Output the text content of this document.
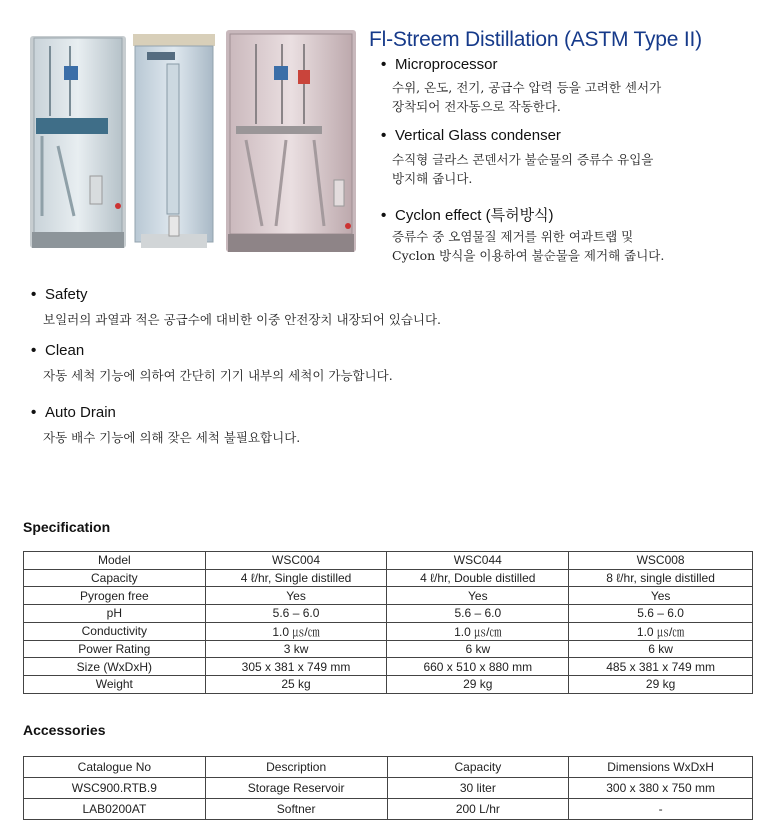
Fl-Streem Distillation (ASTM Type II)
• Microprocessor
수위, 온도, 전기, 공급수 압력 등을 고려한 센서가
장착되어 전자동으로 작동한다.
• Vertical Glass condenser
수직형 글라스 콘덴서가 불순물의 증류수 유입을
방지해 줍니다.
• Cyclon effect (특허방식)
증류수 중 오염물질 제거를 위한 여과트랩 및
Cyclon 방식을 이용하여 불순물을 제거해 줍니다.
• Safety
보일러의 과열과 적은 공급수에 대비한 이중 안전장치 내장되어 있습니다.
• Clean
자동 세척 기능에 의하여 간단히 기기 내부의 세척이 가능합니다.
• Auto Drain
자동 배수 기능에 의해 잦은 세척 불필요합니다.
Specification
Model	WSC004	WSC044	WSC008
Capacity	4 ℓ/hr, Single distilled	4 ℓ/hr, Double distilled	8 ℓ/hr, single distilled
Pyrogen free	Yes	Yes	Yes
pH	5.6 – 6.0	5.6 – 6.0	5.6 – 6.0
Conductivity	1.0 ㎲/㎝	1.0 ㎲/㎝	1.0 ㎲/㎝
Power Rating	3 kw	6 kw	6 kw
Size (WxDxH)	305 x 381 x 749 mm	660 x 510 x 880 mm	485 x 381 x 749 mm
Weight	25 kg	29 kg	29 kg
Accessories
Catalogue No	Description	Capacity	Dimensions WxDxH
WSC900.RTB.9	Storage Reservoir	30 liter	300 x 380 x 750 mm
LAB0200AT	Softner	200 L/hr	-
